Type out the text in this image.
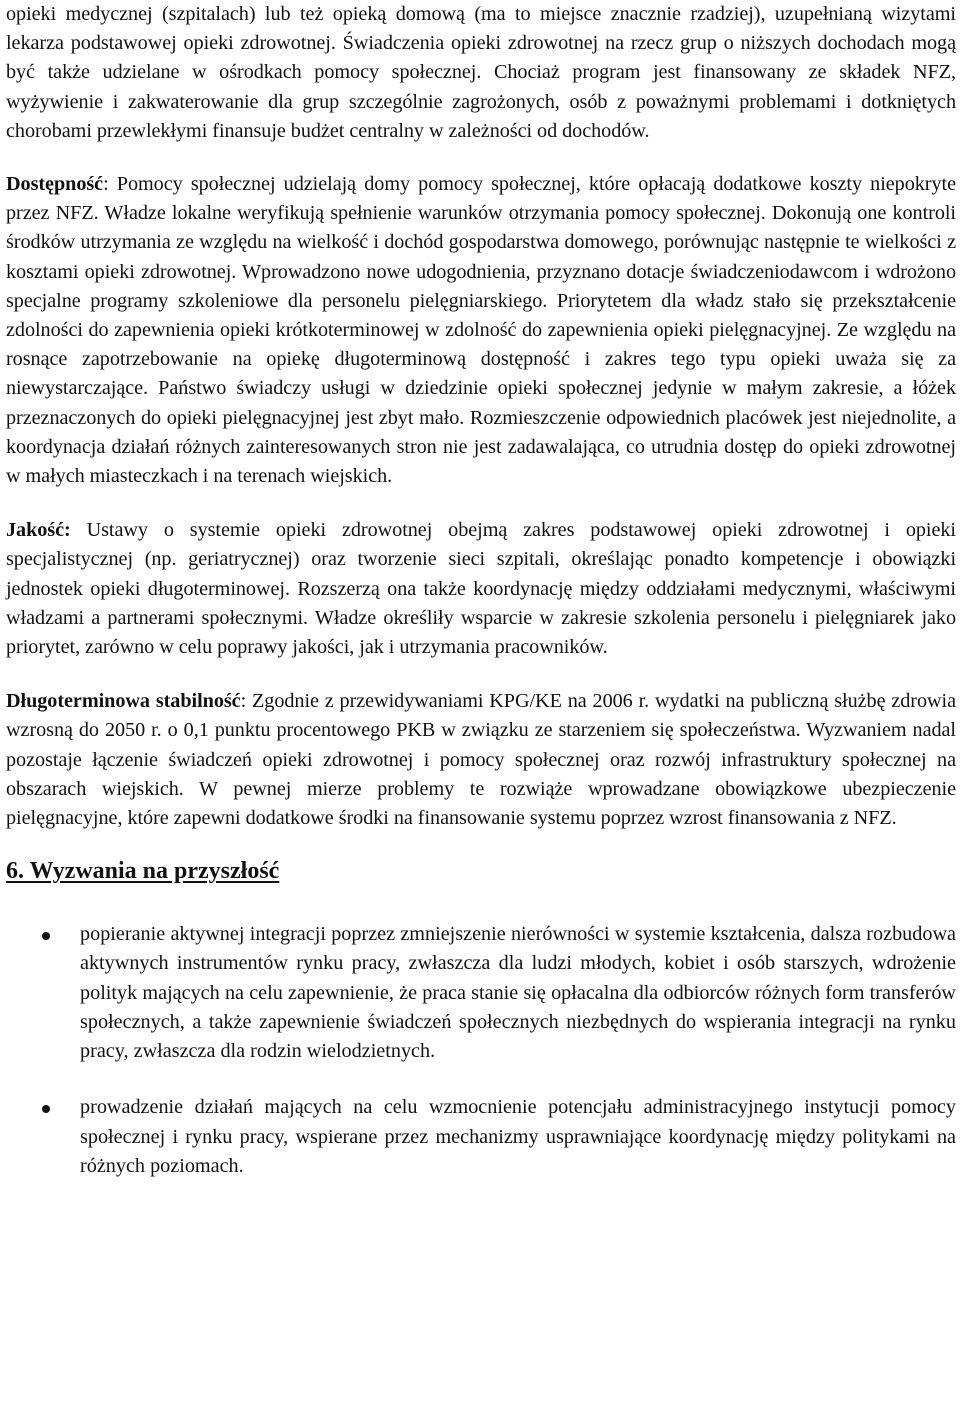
opieki medycznej (szpitalach) lub też opieką domową (ma to miejsce znacznie rzadziej), uzupełnianą wizytami lekarza podstawowej opieki zdrowotnej. Świadczenia opieki zdrowotnej na rzecz grup o niższych dochodach mogą być także udzielane w ośrodkach pomocy społecznej. Chociaż program jest finansowany ze składek NFZ, wyżywienie i zakwaterowanie dla grup szczególnie zagrożonych, osób z poważnymi problemami i dotkniętych chorobami przewlekłymi finansuje budżet centralny w zależności od dochodów.

Dostępność: Pomocy społecznej udzielają domy pomocy społecznej, które opłacają dodatkowe koszty niepokryte przez NFZ. Władze lokalne weryfikują spełnienie warunków otrzymania pomocy społecznej. Dokonują one kontroli środków utrzymania ze względu na wielkość i dochód gospodarstwa domowego, porównując następnie te wielkości z kosztami opieki zdrowotnej. Wprowadzono nowe udogodnienia, przyznano dotacje świadczeniodawcom i wdrożono specjalne programy szkoleniowe dla personelu pielęgniarskiego. Priorytetem dla władz stało się przekształcenie zdolności do zapewnienia opieki krótkoterminowej w zdolność do zapewnienia opieki pielęgnacyjnej. Ze względu na rosnące zapotrzebowanie na opiekę długoterminową dostępność i zakres tego typu opieki uważa się za niewystarczające. Państwo świadczy usługi w dziedzinie opieki społecznej jedynie w małym zakresie, a łóżek przeznaczonych do opieki pielęgnacyjnej jest zbyt mało. Rozmieszczenie odpowiednich placówek jest niejednolite, a koordynacja działań różnych zainteresowanych stron nie jest zadawalająca, co utrudnia dostęp do opieki zdrowotnej w małych miasteczkach i na terenach wiejskich.

Jakość: Ustawy o systemie opieki zdrowotnej obejmą zakres podstawowej opieki zdrowotnej i opieki specjalistycznej (np. geriatrycznej) oraz tworzenie sieci szpitali, określając ponadto kompetencje i obowiązki jednostek opieki długoterminowej. Rozszerzą ona także koordynację między oddziałami medycznymi, właściwymi władzami a partnerami społecznymi. Władze określiły wsparcie w zakresie szkolenia personelu i pielęgniarek jako priorytet, zarówno w celu poprawy jakości, jak i utrzymania pracowników.

Długoterminowa stabilność: Zgodnie z przewidywaniami KPG/KE na 2006 r. wydatki na publiczną służbę zdrowia wzrosną do 2050 r. o 0,1 punktu procentowego PKB w związku ze starzeniem się społeczeństwa. Wyzwaniem nadal pozostaje łączenie świadczeń opieki zdrowotnej i pomocy społecznej oraz rozwój infrastruktury społecznej na obszarach wiejskich. W pewnej mierze problemy te rozwiąże wprowadzane obowiązkowe ubezpieczenie pielęgnacyjne, które zapewni dodatkowe środki na finansowanie systemu poprzez wzrost finansowania z NFZ.

6. Wyzwania na przyszłość
popieranie aktywnej integracji poprzez zmniejszenie nierówności w systemie kształcenia, dalsza rozbudowa aktywnych instrumentów rynku pracy, zwłaszcza dla ludzi młodych, kobiet i osób starszych, wdrożenie polityk mających na celu zapewnienie, że praca stanie się opłacalna dla odbiorców różnych form transferów społecznych, a także zapewnienie świadczeń społecznych niezbędnych do wspierania integracji na rynku pracy, zwłaszcza dla rodzin wielodzietnych.
prowadzenie działań mających na celu wzmocnienie potencjału administracyjnego instytucji pomocy społecznej i rynku pracy, wspierane przez mechanizmy usprawniające koordynację między politykami na różnych poziomach.
